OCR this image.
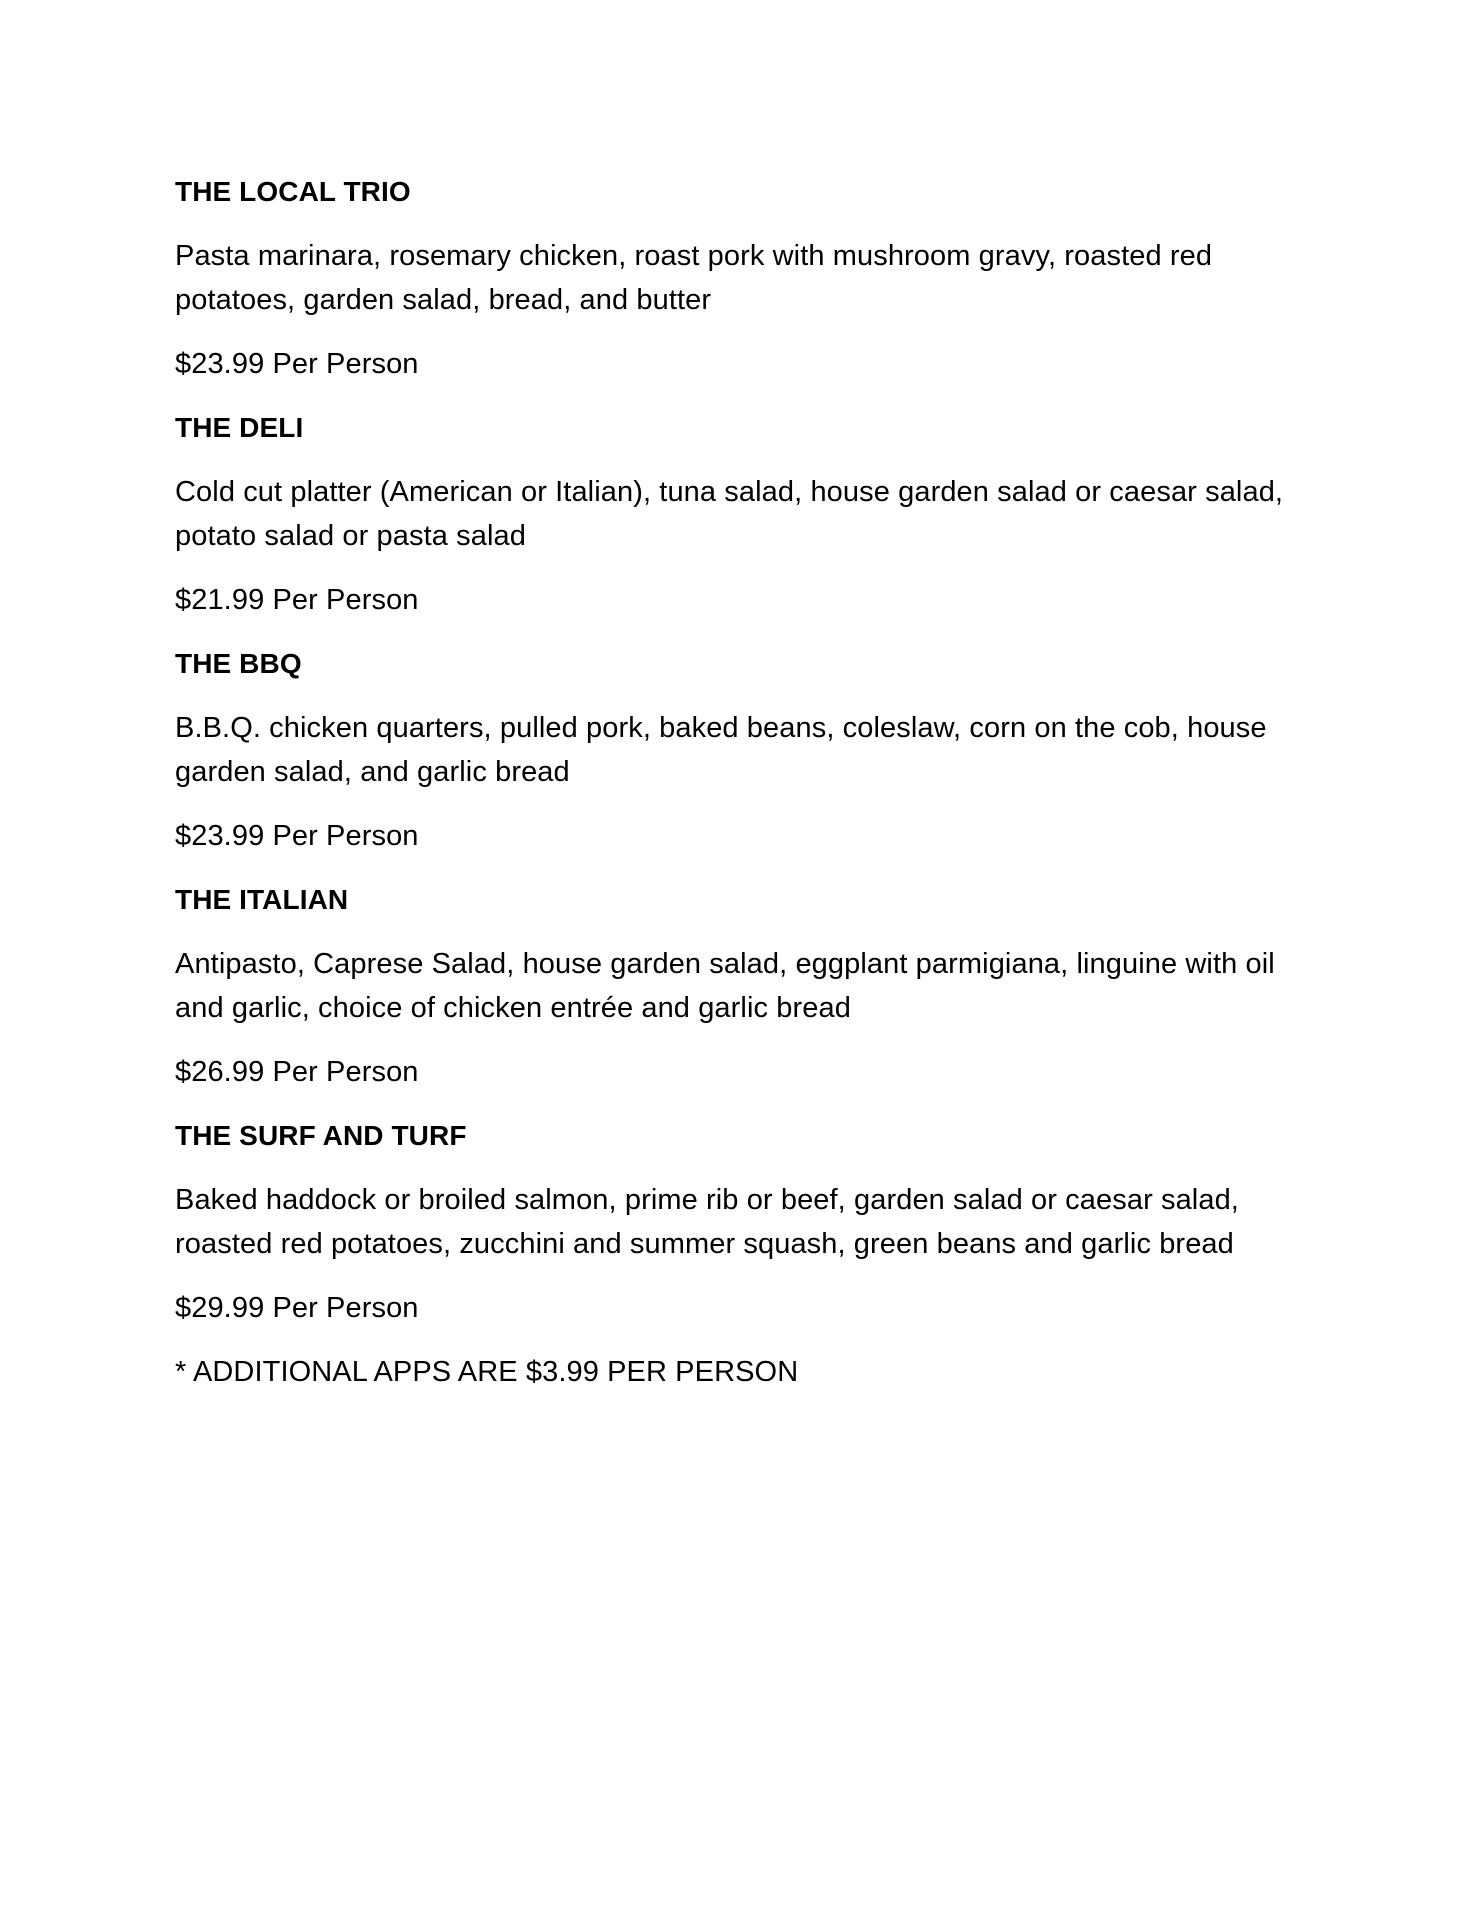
THE LOCAL TRIO

Pasta marinara, rosemary chicken, roast pork with mushroom gravy, roasted red potatoes, garden salad, bread, and butter

$23.99 Per Person

THE DELI

Cold cut platter (American or Italian), tuna salad, house garden salad or caesar salad, potato salad or pasta salad

$21.99 Per Person

THE BBQ

B.B.Q. chicken quarters, pulled pork, baked beans, coleslaw, corn on the cob, house garden salad, and garlic bread

$23.99 Per Person

THE ITALIAN

Antipasto, Caprese Salad, house garden salad, eggplant parmigiana, linguine with oil and garlic, choice of chicken entrée and garlic bread

$26.99 Per Person

THE SURF AND TURF

Baked haddock or broiled salmon, prime rib or beef, garden salad or caesar salad, roasted red potatoes, zucchini and summer squash, green beans and garlic bread

$29.99 Per Person

* ADDITIONAL APPS ARE $3.99 PER PERSON
